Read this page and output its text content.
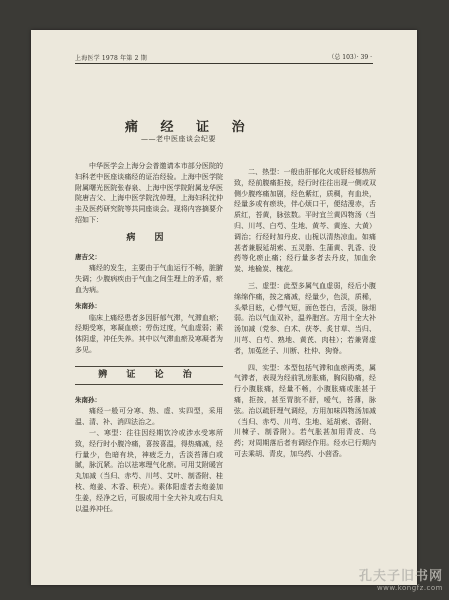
上海医学 1978 年第 2 期	（总 103）· 39 ·
痛 经 证 治
——老中医座谈会纪要

中华医学会上海分会普邀请本市部分医院的妇科老中医座谈痛经的证治经验。上海中医学院附属曙光医院张春泉、上海中医学院附属龙华医院唐吉父、上海中医学院沈仲理，上海妇科沈仲圭及医药研究院等共同座谈会。现将内容摘要介绍如下：

病 因
唐吉父：

痛经的发生，主要由于气血运行不畅，脏腑失调；少腹病疾由于气血之间生理上的矛盾，瘀血为病。

朱南孙：

临床上痛经患者多因肝郁气滞，气滞血瘀；经期受寒，寒凝血瘀；劳伤过度，气血虚弱；素体阴虚，冲任失养。其中以气滞血瘀及寒凝者为多见。

辨 证 论 治
朱南孙：

痛经一般可分寒、热、虚、实四型，采用温、清、补、消四法治之。

一、寒型：往往因经期饮冷或涉水受寒所致，经行时小腹冷痛，喜按喜温，得热痛减，经行量少，色暗有块，神疲乏力，舌淡苔薄白或腻，脉沉紧。治以祛寒理气化瘀。可用艾附暖宫丸加减（当归、赤芍、川芎、艾叶、制香附、桂枝、炮姜、木香、积壳）。素体阳虚者去炮姜加生姜，经净之后，可服或用十全大补丸或右归丸以温养冲任。

二、热型：一般由肝郁化火或肝经郁热所致，经前腹痛拒按，经行时往往出现一侧或双侧少腹疼痛加剧，经色紫红，质稠，有血块，经量多或有瘀块，伴心烦口干，便结溲赤，舌质红，苔黄，脉弦数。平时宜兰黄四物汤（当归、川芎、白芍、生地、黄芩、黄连、大黄）调治；行经时加丹皮、山栀以清热凉血。如痛甚者兼服延胡索、五灵脂、生蒲黄、乳香、没药等化瘀止痛；经行量多者去丹皮，加血余炭、地榆炭、槐花。

三、虚型：此型多属气血虚弱，经后小腹绵绵作痛，按之痛减，经量少，色淡，质稀，头晕目眩，心悸气短，面色苍白，舌淡，脉细弱。治以气血双补，温养胞宫。方用十全大补汤加减（党参、白术、茯苓、炙甘草、当归、川芎、白芍、熟地、黄芪、肉桂）；若兼肾虚者，加菟丝子、川断、杜仲、狗脊。

四、实型：本型包括气滞和血瘀两类，属气滞者，表现为经前乳房胀痛，胸闷胁痛，经行小腹胀痛，经量不畅，小腹胀痛或胀甚于痛，拒按，甚至胃脘不舒，嗳气，苔薄，脉弦。治以疏肝理气调经，方用加味四物汤加减（当归、赤芍、川芎、生地、延胡索、香附、川楝子、制香附）。若气胀甚加用青皮、乌药；对周期落后者有调经作用。经水已行期内可去乘胡、青皮，加乌药、小茴香。

孔夫子旧书网
www.kongfz.com
